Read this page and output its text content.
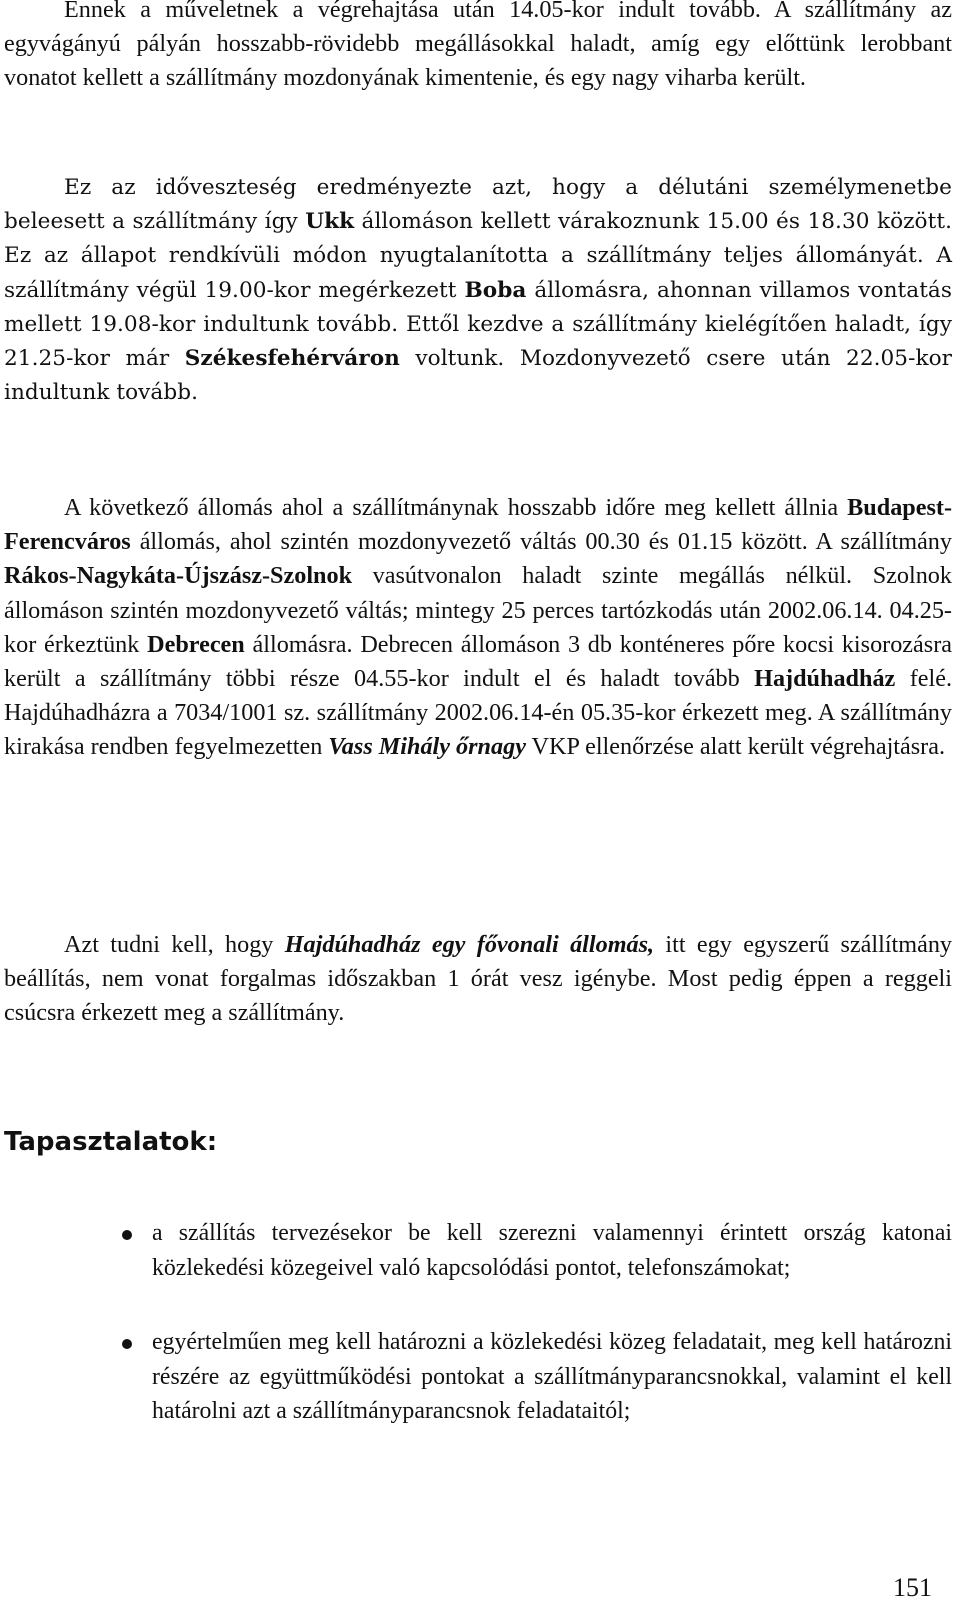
Ennek a műveletnek a végrehajtása után 14.05-kor indult tovább. A szállítmány az egyvágányú pályán hosszabb-rövidebb megállásokkal haladt, amíg egy előttünk lerobbant vonatot kellett a szállítmány mozdonyának kimentenie, és egy nagy viharba került.

Ez az időveszteség eredményezte azt, hogy a délutáni személymenetbe beleesett a szállítmány így Ukk állomáson kellett várakoznunk 15.00 és 18.30 között. Ez az állapot rendkívüli módon nyugtalanította a szállítmány teljes állományát. A szállítmány végül 19.00-kor megérkezett Boba állomásra, ahonnan villamos vontatás mellett 19.08-kor indultunk tovább. Ettől kezdve a szállítmány kielégítően haladt, így 21.25-kor már Székesfehérváron voltunk. Mozdonyvezető csere után 22.05-kor indultunk tovább.

A következő állomás ahol a szállítmánynak hosszabb időre meg kellett állnia Budapest-Ferencváros állomás, ahol szintén mozdonyvezető váltás 00.30 és 01.15 között. A szállítmány Rákos-Nagykáta-Újszász-Szolnok vasútvonalon haladt szinte megállás nélkül. Szolnok állomáson szintén mozdonyvezető váltás; mintegy 25 perces tartózkodás után 2002.06.14. 04.25-kor érkeztünk Debrecen állomásra. Debrecen állomáson 3 db konténeres pőre kocsi kisorozásra került a szállítmány többi része 04.55-kor indult el és haladt tovább Hajdúhadház felé. Hajdúhadházra a 7034/1001 sz. szállítmány 2002.06.14-én 05.35-kor érkezett meg. A szállítmány kirakása rendben fegyelmezetten Vass Mihály őrnagy VKP ellenőrzése alatt került végrehajtásra.

Azt tudni kell, hogy Hajdúhadház egy fővonali állomás, itt egy egyszerű szállítmány beállítás, nem vonat forgalmas időszakban 1 órát vesz igénybe. Most pedig éppen a reggeli csúcsra érkezett meg a szállítmány.

Tapasztalatok:
a szállítás tervezésekor be kell szerezni valamennyi érintett ország katonai közlekedési közegeivel való kapcsolódási pontot, telefonszámokat;
egyértelműen meg kell határozni a közlekedési közeg feladatait, meg kell határozni részére az együttműködési pontokat a szállítmányparancsnokkal, valamint el kell határolni azt a szállítmányparancsnok feladataitól;
151
